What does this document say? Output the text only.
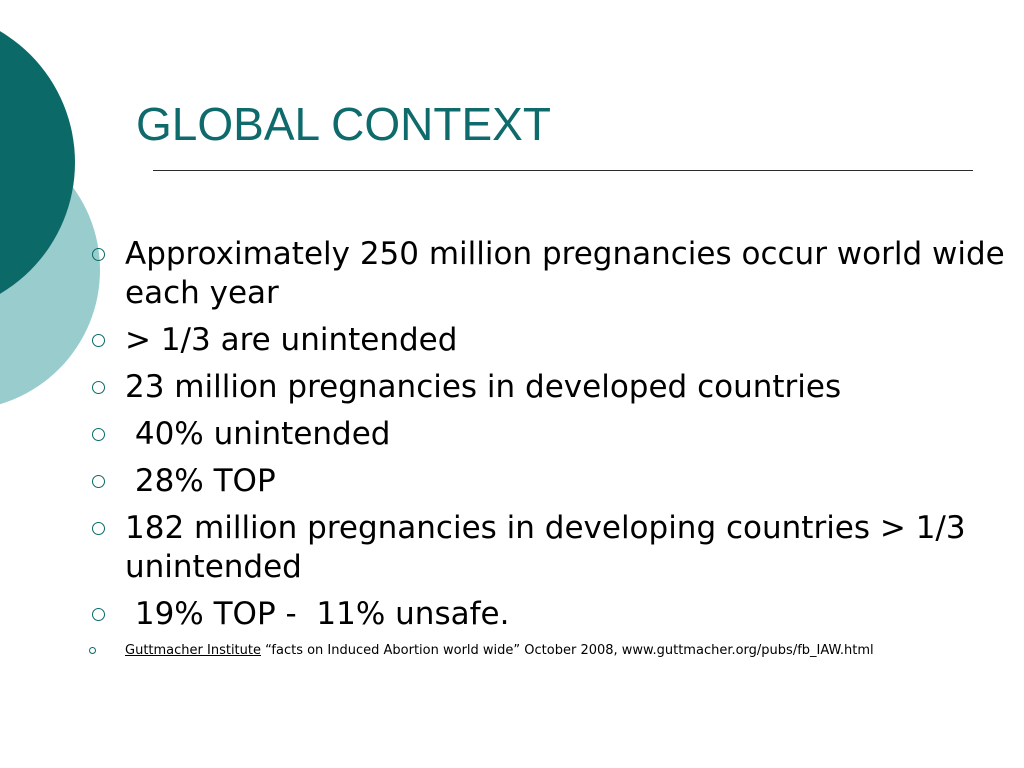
GLOBAL CONTEXT
Approximately 250 million pregnancies occur world wide each year
> 1/3 are unintended
23 million pregnancies in developed countries
40% unintended
28% TOP
182 million pregnancies in developing countries > 1/3 unintended
19% TOP -  11% unsafe.
Guttmacher Institute “facts on Induced Abortion world wide” October 2008, www.guttmacher.org/pubs/fb_IAW.html
